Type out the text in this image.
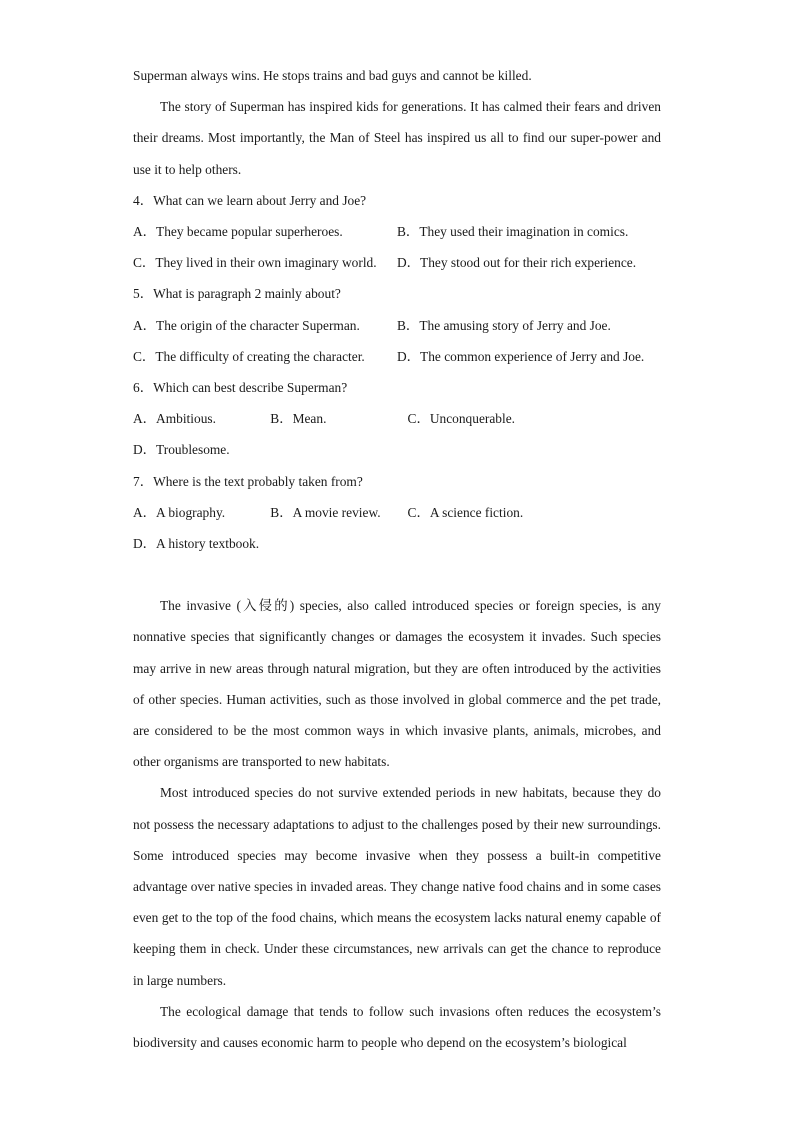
Superman always wins. He stops trains and bad guys and cannot be killed.

The story of Superman has inspired kids for generations. It has calmed their fears and driven their dreams. Most importantly, the Man of Steel has inspired us all to find our super-power and use it to help others.

4．What can we learn about Jerry and Joe?
A．They became popular superheroes.	B．They used their imagination in comics.
C．They lived in their own imaginary world.	D．They stood out for their rich experience.
5．What is paragraph 2 mainly about?
A．The origin of the character Superman.	B．The amusing story of Jerry and Joe.
C．The difficulty of creating the character.	D．The common experience of Jerry and Joe.
6．Which can best describe Superman?
A．Ambitious.	B．Mean.	C．Unconquerable.
D．Troublesome.
7．Where is the text probably taken from?
A．A biography.	B．A movie review.	C．A science fiction.
D．A history textbook.

The invasive (入侵的) species, also called introduced species or foreign species, is any nonnative species that significantly changes or damages the ecosystem it invades. Such species may arrive in new areas through natural migration, but they are often introduced by the activities of other species. Human activities, such as those involved in global commerce and the pet trade, are considered to be the most common ways in which invasive plants, animals, microbes, and other organisms are transported to new habitats.

Most introduced species do not survive extended periods in new habitats, because they do not possess the necessary adaptations to adjust to the challenges posed by their new surroundings. Some introduced species may become invasive when they possess a built-in competitive advantage over native species in invaded areas. They change native food chains and in some cases even get to the top of the food chains, which means the ecosystem lacks natural enemy capable of keeping them in check. Under these circumstances, new arrivals can get the chance to reproduce in large numbers.

The ecological damage that tends to follow such invasions often reduces the ecosystem’s biodiversity and causes economic harm to people who depend on the ecosystem’s biological
